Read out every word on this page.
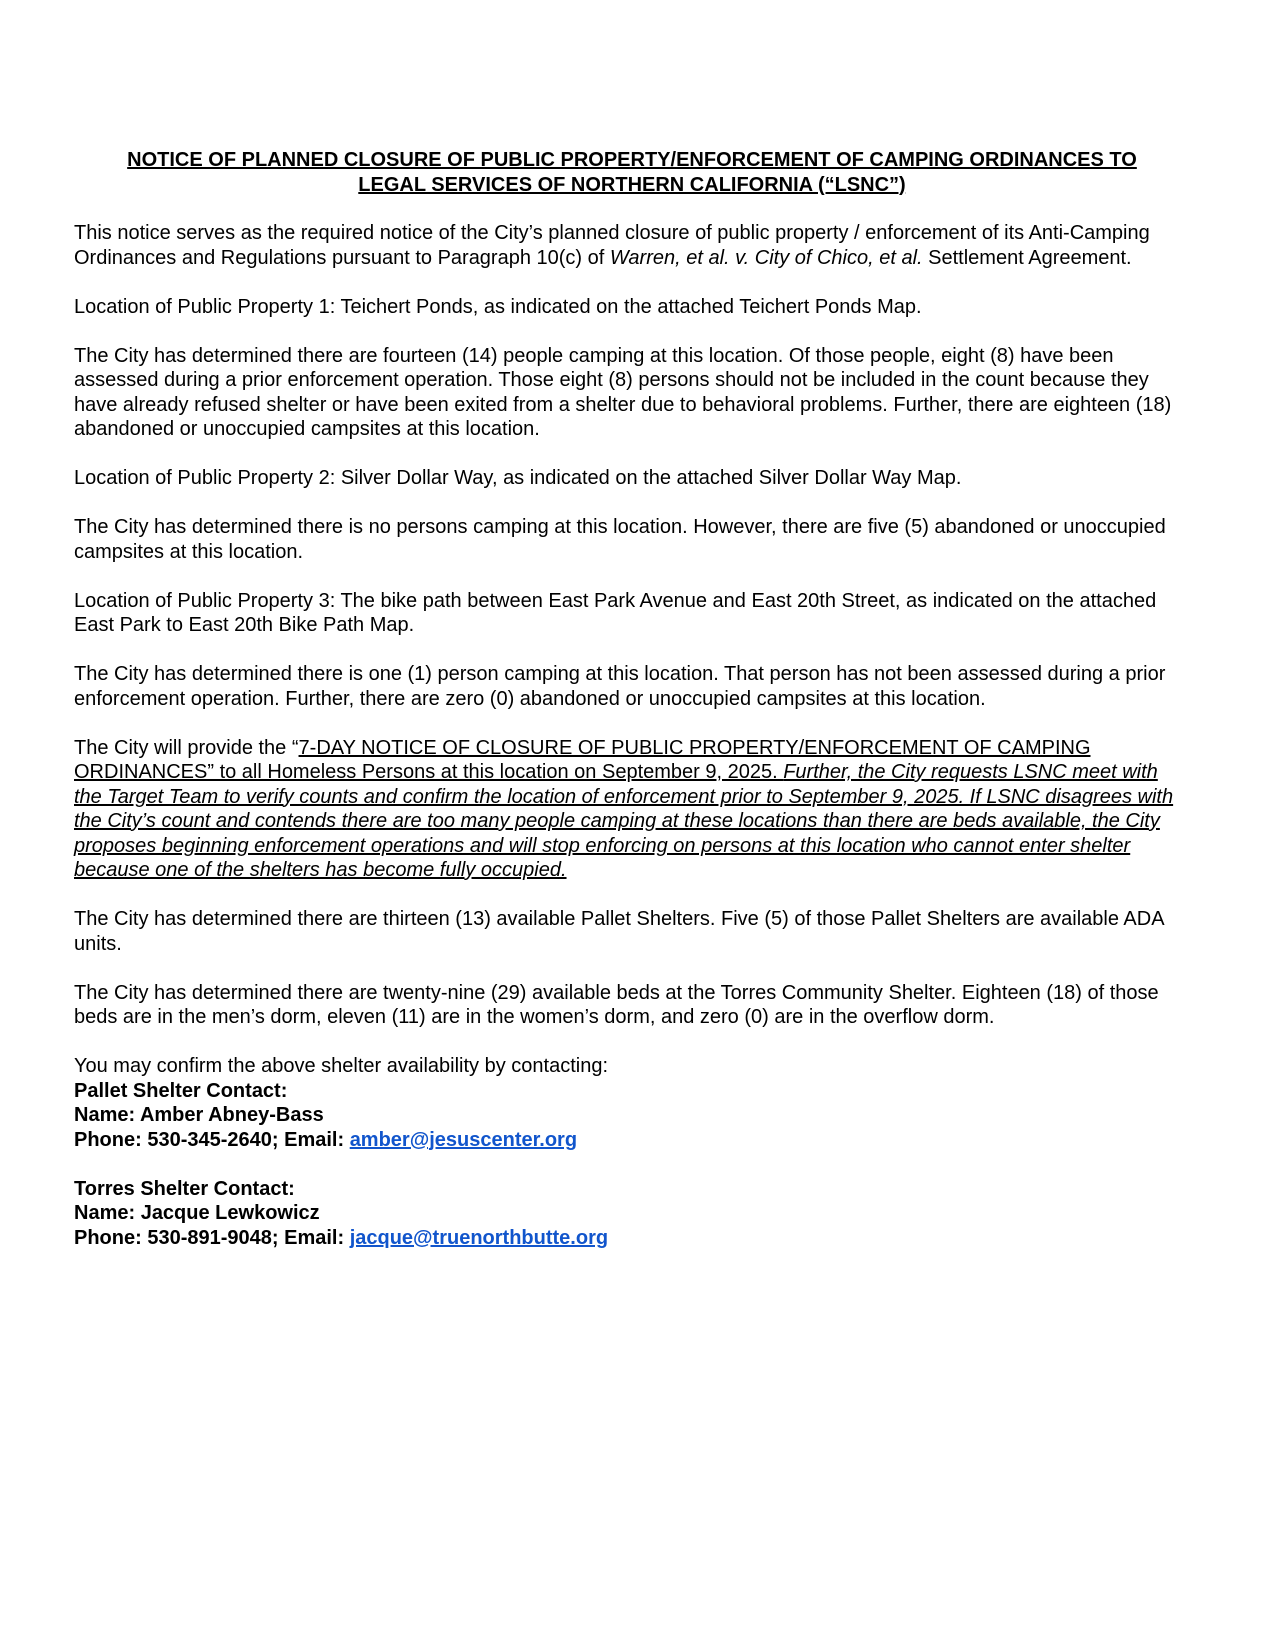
NOTICE OF PLANNED CLOSURE OF PUBLIC PROPERTY/ENFORCEMENT OF CAMPING ORDINANCES TO
LEGAL SERVICES OF NORTHERN CALIFORNIA (“LSNC”)

This notice serves as the required notice of the City’s planned closure of public property / enforcement of its Anti-Camping Ordinances and Regulations pursuant to Paragraph 10(c) of Warren, et al. v. City of Chico, et al. Settlement Agreement.

Location of Public Property 1: Teichert Ponds, as indicated on the attached Teichert Ponds Map.

The City has determined there are fourteen (14) people camping at this location. Of those people, eight (8) have been assessed during a prior enforcement operation. Those eight (8) persons should not be included in the count because they have already refused shelter or have been exited from a shelter due to behavioral problems. Further, there are eighteen (18) abandoned or unoccupied campsites at this location.

Location of Public Property 2: Silver Dollar Way, as indicated on the attached Silver Dollar Way Map.

The City has determined there is no persons camping at this location. However, there are five (5) abandoned or unoccupied campsites at this location.

Location of Public Property 3: The bike path between East Park Avenue and East 20th Street, as indicated on the attached East Park to East 20th Bike Path Map.

The City has determined there is one (1) person camping at this location. That person has not been assessed during a prior enforcement operation. Further, there are zero (0) abandoned or unoccupied campsites at this location.

The City will provide the “7-DAY NOTICE OF CLOSURE OF PUBLIC PROPERTY/ENFORCEMENT OF CAMPING ORDINANCES” to all Homeless Persons at this location on September 9, 2025. Further, the City requests LSNC meet with the Target Team to verify counts and confirm the location of enforcement prior to September 9, 2025. If LSNC disagrees with the City’s count and contends there are too many people camping at these locations than there are beds available, the City proposes beginning enforcement operations and will stop enforcing on persons at this location who cannot enter shelter because one of the shelters has become fully occupied.

The City has determined there are thirteen (13) available Pallet Shelters. Five (5) of those Pallet Shelters are available ADA units.

The City has determined there are twenty-nine (29) available beds at the Torres Community Shelter. Eighteen (18) of those beds are in the men’s dorm, eleven (11) are in the women’s dorm, and zero (0) are in the overflow dorm.

You may confirm the above shelter availability by contacting:
Pallet Shelter Contact:
Name: Amber Abney-Bass
Phone: 530-345-2640; Email: amber@jesuscenter.org

Torres Shelter Contact:
Name: Jacque Lewkowicz
Phone: 530-891-9048; Email: jacque@truenorthbutte.org
